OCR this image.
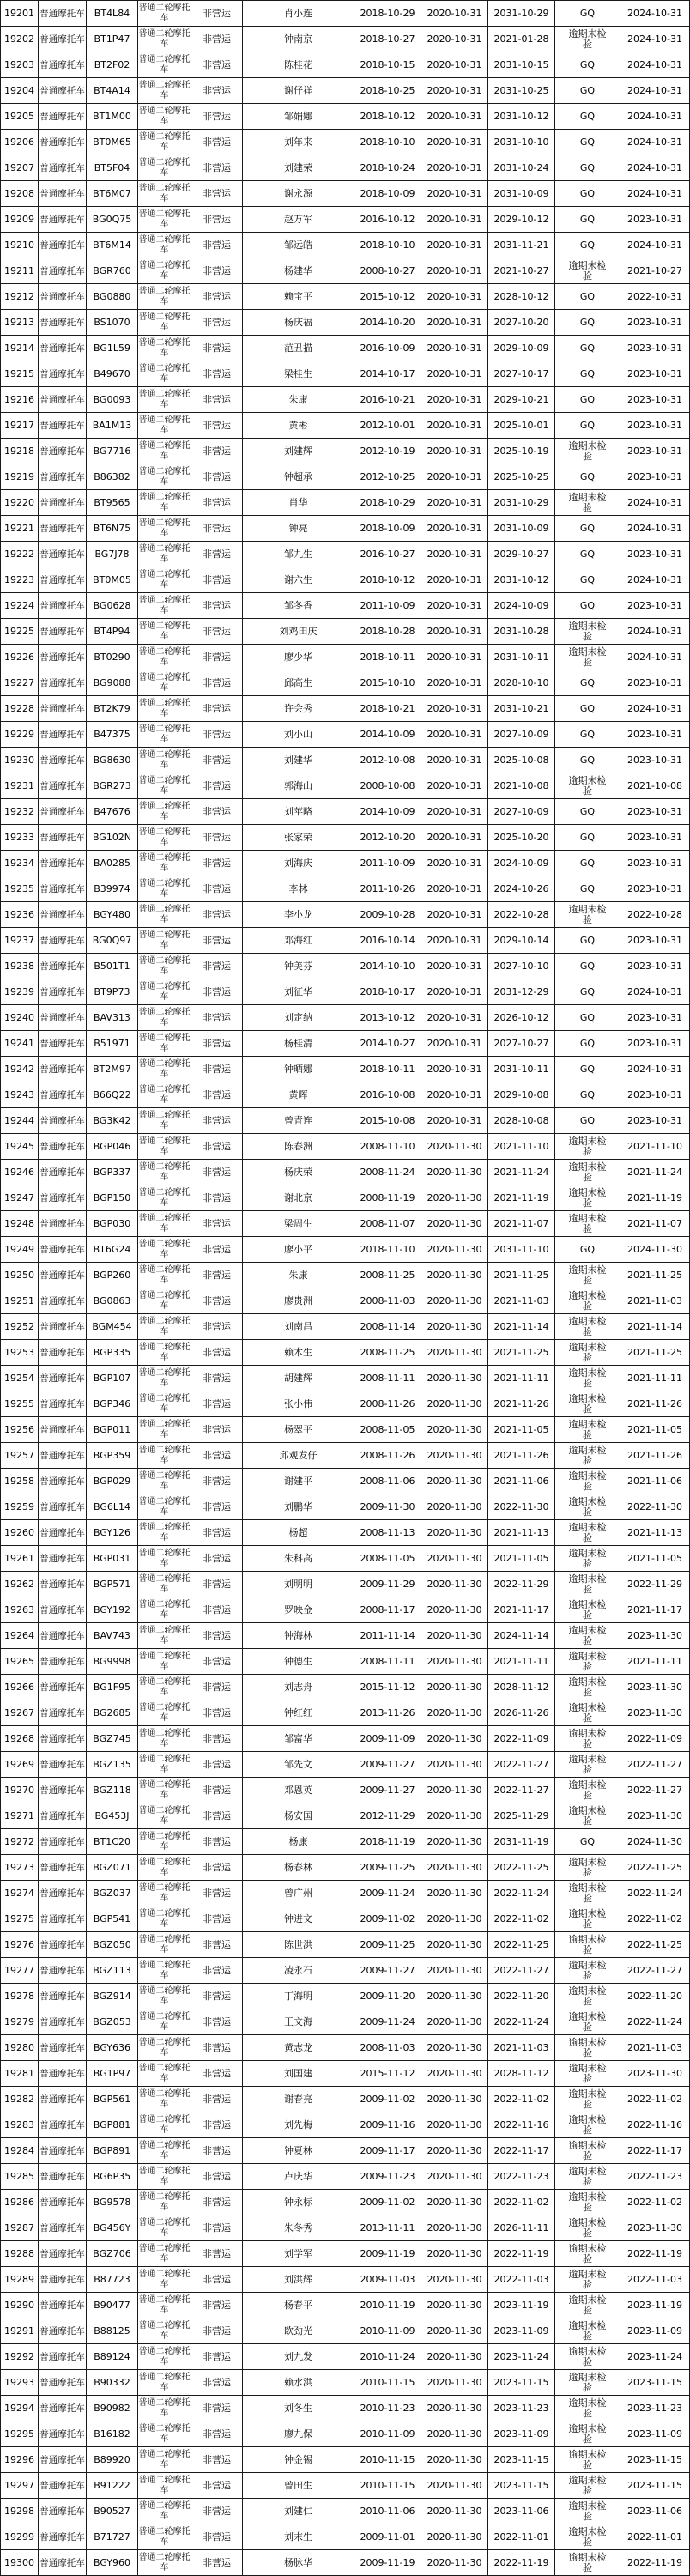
19201 普通摩托车 BT4L84 普通二轮摩托车	非营运	肖小连	2018-10-29 2020-10-31 2031-10-29	GQ	2024-10-31
19202 普通摩托车 BT1P47 普通二轮摩托车	非营运	钟南京	2018-10-27 2020-10-31 2021-01-28 逾期未检验	2024-10-31
19203 普通摩托车 BT2F02 普通二轮摩托车	非营运	陈桂花	2018-10-15 2020-10-31 2031-10-15	GQ	2024-10-31
19204 普通摩托车 BT4A14 普通二轮摩托车	非营运	谢仔祥	2018-10-25 2020-10-31 2031-10-25	GQ	2024-10-31
19205 普通摩托车 BT1M00 普通二轮摩托车	非营运	邹娟娜	2018-10-12 2020-10-31 2031-10-12	GQ	2024-10-31
19206 普通摩托车 BT0M65 普通二轮摩托车	非营运	刘年来	2018-10-10 2020-10-31 2031-10-10	GQ	2024-10-31
19207 普通摩托车 BT5F04 普通二轮摩托车	非营运	刘建荣	2018-10-24 2020-10-31 2031-10-24	GQ	2024-10-31
19208 普通摩托车 BT6M07 普通二轮摩托车	非营运	谢永源	2018-10-09 2020-10-31 2031-10-09	GQ	2024-10-31
19209 普通摩托车 BG0Q75 普通二轮摩托车	非营运	赵万军	2016-10-12 2020-10-31 2029-10-12	GQ	2023-10-31
19210 普通摩托车 BT6M14 普通二轮摩托车	非营运	邹远皓	2018-10-10 2020-10-31 2031-11-21	GQ	2024-10-31
19211 普通摩托车 BGR760 普通二轮摩托车	非营运	杨建华	2008-10-27 2020-10-31 2021-10-27 逾期未检验	2021-10-27
19212 普通摩托车 BG0880 普通二轮摩托车	非营运	赖宝平	2015-10-12 2020-10-31 2028-10-12	GQ	2022-10-31
19213 普通摩托车 BS1070 普通二轮摩托车	非营运	杨庆福	2014-10-20 2020-10-31 2027-10-20	GQ	2023-10-31
19214 普通摩托车 BG1L59 普通二轮摩托车	非营运	范丑描	2016-10-09 2020-10-31 2029-10-09	GQ	2023-10-31
19215 普通摩托车 B49670 普通二轮摩托车	非营运	梁桂生	2014-10-17 2020-10-31 2027-10-17	GQ	2023-10-31
19216 普通摩托车 BG0093 普通二轮摩托车	非营运	朱康	2016-10-21 2020-10-31 2029-10-21	GQ	2023-10-31
19217 普通摩托车 BA1M13 普通二轮摩托车	非营运	黄彬	2012-10-01 2020-10-31 2025-10-01	GQ	2023-10-31
19218 普通摩托车 BG7716 普通二轮摩托车	非营运	刘建辉	2012-10-19 2020-10-31 2025-10-19 逾期未检验	2023-10-31
19219 普通摩托车 B86382 普通二轮摩托车	非营运	钟超承	2012-10-25 2020-10-31 2025-10-25	GQ	2023-10-31
19220 普通摩托车 BT9565 普通二轮摩托车	非营运	肖华	2018-10-29 2020-10-31 2031-10-29 逾期未检验	2024-10-31
19221 普通摩托车 BT6N75 普通二轮摩托车	非营运	钟亮	2018-10-09 2020-10-31 2031-10-09	GQ	2024-10-31
19222 普通摩托车 BG7J78 普通二轮摩托车	非营运	邹九生	2016-10-27 2020-10-31 2029-10-27	GQ	2023-10-31
19223 普通摩托车 BT0M05 普通二轮摩托车	非营运	谢六生	2018-10-12 2020-10-31 2031-10-12	GQ	2024-10-31
19224 普通摩托车 BG0628 普通二轮摩托车	非营运	邹冬香	2011-10-09 2020-10-31 2024-10-09	GQ	2023-10-31
19225 普通摩托车 BT4P94 普通二轮摩托车	非营运	刘鸡田庆	2018-10-28 2020-10-31 2031-10-28 逾期未检验	2024-10-31
19226 普通摩托车 BT0290 普通二轮摩托车	非营运	廖少华	2018-10-11 2020-10-31 2031-10-11 逾期未检验	2024-10-31
19227 普通摩托车 BG9088 普通二轮摩托车	非营运	邱高生	2015-10-10 2020-10-31 2028-10-10	GQ	2023-10-31
19228 普通摩托车 BT2K79 普通二轮摩托车	非营运	许会秀	2018-10-21 2020-10-31 2031-10-21	GQ	2024-10-31
19229 普通摩托车 B47375 普通二轮摩托车	非营运	刘小山	2014-10-09 2020-10-31 2027-10-09	GQ	2023-10-31
19230 普通摩托车 BG8630 普通二轮摩托车	非营运	刘建华	2012-10-08 2020-10-31 2025-10-08	GQ	2023-10-31
19231 普通摩托车 BGR273 普通二轮摩托车	非营运	郭海山	2008-10-08 2020-10-31 2021-10-08 逾期未检验	2021-10-08
19232 普通摩托车 B47676 普通二轮摩托车	非营运	刘苹略	2014-10-09 2020-10-31 2027-10-09	GQ	2023-10-31
19233 普通摩托车 BG102N 普通二轮摩托车	非营运	张家荣	2012-10-20 2020-10-31 2025-10-20	GQ	2023-10-31
19234 普通摩托车 BA0285 普通二轮摩托车	非营运	刘海庆	2011-10-09 2020-10-31 2024-10-09	GQ	2023-10-31
19235 普通摩托车 B39974 普通二轮摩托车	非营运	李林	2011-10-26 2020-10-31 2024-10-26	GQ	2023-10-31
19236 普通摩托车 BGY480 普通二轮摩托车	非营运	李小龙	2009-10-28 2020-10-31 2022-10-28 逾期未检验	2022-10-28
19237 普通摩托车 BG0Q97 普通二轮摩托车	非营运	邓海红	2016-10-14 2020-10-31 2029-10-14	GQ	2023-10-31
19238 普通摩托车 B501T1 普通二轮摩托车	非营运	钟美芬	2014-10-10 2020-10-31 2027-10-10	GQ	2023-10-31
19239 普通摩托车 BT9P73 普通二轮摩托车	非营运	刘征华	2018-10-17 2020-10-31 2031-12-29	GQ	2024-10-31
19240 普通摩托车 BAV313 普通二轮摩托车	非营运	刘定纳	2013-10-12 2020-10-31 2026-10-12	GQ	2023-10-31
19241 普通摩托车 B51971 普通二轮摩托车	非营运	杨桂清	2014-10-27 2020-10-31 2027-10-27	GQ	2023-10-31
19242 普通摩托车 BT2M97 普通二轮摩托车	非营运	钟晒娜	2018-10-11 2020-10-31 2031-10-11	GQ	2024-10-31
19243 普通摩托车 B66Q22 普通二轮摩托车	非营运	黄晖	2016-10-08 2020-10-31 2029-10-08	GQ	2023-10-31
19244 普通摩托车 BG3K42 普通二轮摩托车	非营运	曾青连	2015-10-08 2020-10-31 2028-10-08	GQ	2023-10-31
19245 普通摩托车 BGP046 普通二轮摩托车	非营运	陈春洲	2008-11-10 2020-11-30 2021-11-10 逾期未检验	2021-11-10
19246 普通摩托车 BGP337 普通二轮摩托车	非营运	杨庆荣	2008-11-24 2020-11-30 2021-11-24 逾期未检验	2021-11-24
19247 普通摩托车 BGP150 普通二轮摩托车	非营运	谢北京	2008-11-19 2020-11-30 2021-11-19 逾期未检验	2021-11-19
19248 普通摩托车 BGP030 普通二轮摩托车	非营运	梁周生	2008-11-07 2020-11-30 2021-11-07 逾期未检验	2021-11-07
19249 普通摩托车 BT6G24 普通二轮摩托车	非营运	廖小平	2018-11-10 2020-11-30 2031-11-10	GQ	2024-11-30
19250 普通摩托车 BGP260 普通二轮摩托车	非营运	朱康	2008-11-25 2020-11-30 2021-11-25 逾期未检验	2021-11-25
19251 普通摩托车 BG0863 普通二轮摩托车	非营运	廖贵洲	2008-11-03 2020-11-30 2021-11-03 逾期未检验	2021-11-03
19252 普通摩托车 BGM454 普通二轮摩托车	非营运	刘南昌	2008-11-14 2020-11-30 2021-11-14 逾期未检验	2021-11-14
19253 普通摩托车 BGP335 普通二轮摩托车	非营运	赖木生	2008-11-25 2020-11-30 2021-11-25 逾期未检验	2021-11-25
19254 普通摩托车 BGP107 普通二轮摩托车	非营运	胡建辉	2008-11-11 2020-11-30 2021-11-11 逾期未检验	2021-11-11
19255 普通摩托车 BGP346 普通二轮摩托车	非营运	张小伟	2008-11-26 2020-11-30 2021-11-26 逾期未检验	2021-11-26
19256 普通摩托车 BGP011 普通二轮摩托车	非营运	杨翠平	2008-11-05 2020-11-30 2021-11-05 逾期未检验	2021-11-05
19257 普通摩托车 BGP359 普通二轮摩托车	非营运	邱观发仔	2008-11-26 2020-11-30 2021-11-26 逾期未检验	2021-11-26
19258 普通摩托车 BGP029 普通二轮摩托车	非营运	谢建平	2008-11-06 2020-11-30 2021-11-06 逾期未检验	2021-11-06
19259 普通摩托车 BG6L14 普通二轮摩托车	非营运	刘鹏华	2009-11-30 2020-11-30 2022-11-30 逾期未检验	2022-11-30
19260 普通摩托车 BGY126 普通二轮摩托车	非营运	杨超	2008-11-13 2020-11-30 2021-11-13 逾期未检验	2021-11-13
19261 普通摩托车 BGP031 普通二轮摩托车	非营运	朱科高	2008-11-05 2020-11-30 2021-11-05 逾期未检验	2021-11-05
19262 普通摩托车 BGP571 普通二轮摩托车	非营运	刘明明	2009-11-29 2020-11-30 2022-11-29 逾期未检验	2022-11-29
19263 普通摩托车 BGY192 普通二轮摩托车	非营运	罗映金	2008-11-17 2020-11-30 2021-11-17 逾期未检验	2021-11-17
19264 普通摩托车 BAV743 普通二轮摩托车	非营运	钟海林	2011-11-14 2020-11-30 2024-11-14 逾期未检验	2023-11-30
19265 普通摩托车 BG9998 普通二轮摩托车	非营运	钟德生	2008-11-11 2020-11-30 2021-11-11 逾期未检验	2021-11-11
19266 普通摩托车 BG1F95 普通二轮摩托车	非营运	刘志舟	2015-11-12 2020-11-30 2028-11-12 逾期未检验	2023-11-30
19267 普通摩托车 BG2685 普通二轮摩托车	非营运	钟红红	2013-11-26 2020-11-30 2026-11-26 逾期未检验	2023-11-30
19268 普通摩托车 BGZ745 普通二轮摩托车	非营运	邹富华	2009-11-09 2020-11-30 2022-11-09 逾期未检验	2022-11-09
19269 普通摩托车 BGZ135 普通二轮摩托车	非营运	邹先文	2009-11-27 2020-11-30 2022-11-27 逾期未检验	2022-11-27
19270 普通摩托车 BGZ118 普通二轮摩托车	非营运	邓恩英	2009-11-27 2020-11-30 2022-11-27 逾期未检验	2022-11-27
19271 普通摩托车 BG453J 普通二轮摩托车	非营运	杨安国	2012-11-29 2020-11-30 2025-11-29 逾期未检验	2023-11-30
19272 普通摩托车 BT1C20 普通二轮摩托车	非营运	杨康	2018-11-19 2020-11-30 2031-11-19	GQ	2024-11-30
19273 普通摩托车 BGZ071 普通二轮摩托车	非营运	杨春林	2009-11-25 2020-11-30 2022-11-25 逾期未检验	2022-11-25
19274 普通摩托车 BGZ037 普通二轮摩托车	非营运	曾广州	2009-11-24 2020-11-30 2022-11-24 逾期未检验	2022-11-24
19275 普通摩托车 BGP541 普通二轮摩托车	非营运	钟进文	2009-11-02 2020-11-30 2022-11-02 逾期未检验	2022-11-02
19276 普通摩托车 BGZ050 普通二轮摩托车	非营运	陈世洪	2009-11-25 2020-11-30 2022-11-25 逾期未检验	2022-11-25
19277 普通摩托车 BGZ113 普通二轮摩托车	非营运	凌永石	2009-11-27 2020-11-30 2022-11-27 逾期未检验	2022-11-27
19278 普通摩托车 BGZ914 普通二轮摩托车	非营运	丁海明	2009-11-20 2020-11-30 2022-11-20 逾期未检验	2022-11-20
19279 普通摩托车 BGZ053 普通二轮摩托车	非营运	王文海	2009-11-24 2020-11-30 2022-11-24 逾期未检验	2022-11-24
19280 普通摩托车 BGY636 普通二轮摩托车	非营运	黄志龙	2008-11-03 2020-11-30 2021-11-03 逾期未检验	2021-11-03
19281 普通摩托车 BG1P97 普通二轮摩托车	非营运	刘国建	2015-11-12 2020-11-30 2028-11-12 逾期未检验	2023-11-30
19282 普通摩托车 BGP561 普通二轮摩托车	非营运	谢春亮	2009-11-02 2020-11-30 2022-11-02 逾期未检验	2022-11-02
19283 普通摩托车 BGP881 普通二轮摩托车	非营运	刘先梅	2009-11-16 2020-11-30 2022-11-16 逾期未检验	2022-11-16
19284 普通摩托车 BGP891 普通二轮摩托车	非营运	钟夏林	2009-11-17 2020-11-30 2022-11-17 逾期未检验	2022-11-17
19285 普通摩托车 BG6P35 普通二轮摩托车	非营运	卢庆华	2009-11-23 2020-11-30 2022-11-23 逾期未检验	2022-11-23
19286 普通摩托车 BG9578 普通二轮摩托车	非营运	钟永标	2009-11-02 2020-11-30 2022-11-02 逾期未检验	2022-11-02
19287 普通摩托车 BG456Y 普通二轮摩托车	非营运	朱冬秀	2013-11-11 2020-11-30 2026-11-11 逾期未检验	2023-11-30
19288 普通摩托车 BGZ706 普通二轮摩托车	非营运	刘学军	2009-11-19 2020-11-30 2022-11-19 逾期未检验	2022-11-19
19289 普通摩托车 B87723 普通二轮摩托车	非营运	刘洪辉	2009-11-03 2020-11-30 2022-11-03 逾期未检验	2022-11-03
19290 普通摩托车 B90477 普通二轮摩托车	非营运	杨春平	2010-11-19 2020-11-30 2023-11-19 逾期未检验	2023-11-19
19291 普通摩托车 B88125 普通二轮摩托车	非营运	欧劲光	2010-11-09 2020-11-30 2023-11-09 逾期未检验	2023-11-09
19292 普通摩托车 B89124 普通二轮摩托车	非营运	刘九发	2010-11-24 2020-11-30 2023-11-24 逾期未检验	2023-11-24
19293 普通摩托车 B90332 普通二轮摩托车	非营运	赖水洪	2010-11-15 2020-11-30 2023-11-15 逾期未检验	2023-11-15
19294 普通摩托车 B90982 普通二轮摩托车	非营运	刘冬生	2010-11-23 2020-11-30 2023-11-23 逾期未检验	2023-11-23
19295 普通摩托车 B16182 普通二轮摩托车	非营运	廖九保	2010-11-09 2020-11-30 2023-11-09 逾期未检验	2023-11-09
19296 普通摩托车 B89920 普通二轮摩托车	非营运	钟金锡	2010-11-15 2020-11-30 2023-11-15 逾期未检验	2023-11-15
19297 普通摩托车 B91222 普通二轮摩托车	非营运	曾田生	2010-11-15 2020-11-30 2023-11-15 逾期未检验	2023-11-15
19298 普通摩托车 B90527 普通二轮摩托车	非营运	刘建仁	2010-11-06 2020-11-30 2023-11-06 逾期未检验	2023-11-06
19299 普通摩托车 B71727 普通二轮摩托车	非营运	刘末生	2009-11-01 2020-11-30 2022-11-01 逾期未检验	2022-11-01
19300 普通摩托车 BGY960 普通二轮摩托车	非营运	杨脉华	2009-11-19 2020-11-30 2022-11-19 逾期未检验	2022-11-19
